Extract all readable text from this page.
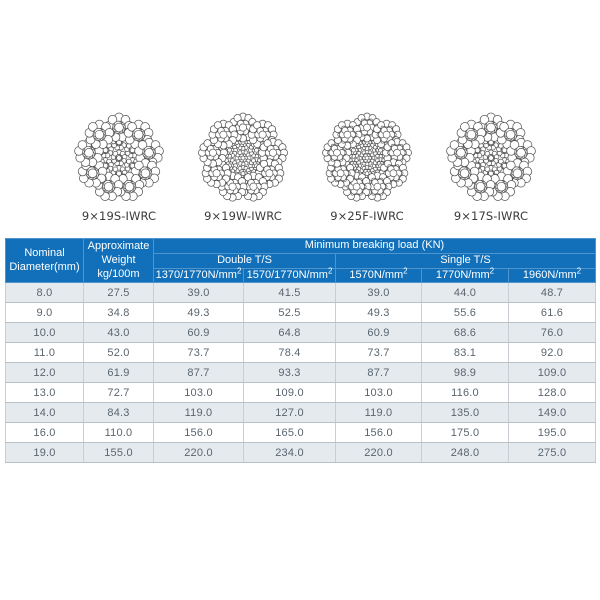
9×19S-IWRC	9×19W-IWRC	9×25F-IWRC	9×17S-IWRC
Nominal Diameter(mm)	Approximate Weight kg/100m	Minimum breaking load (KN)				
		Double T/S		Single T/S		
		$1370/1770N/mm^2$	$1570/1770N/mm^2$	$1570N/mm^2$	$1770N/mm^2$	$1960N/mm^2$
8.0	27.5	39.0	41.5	39.0	44.0	48.7
9.0	34.8	49.3	52.5	49.3	55.6	61.6
10.0	43.0	60.9	64.8	60.9	68.6	76.0
11.0	52.0	73.7	78.4	73.7	83.1	92.0
12.0	61.9	87.7	93.3	87.7	98.9	109.0
13.0	72.7	103.0	109.0	103.0	116.0	128.0
14.0	84.3	119.0	127.0	119.0	135.0	149.0
16.0	110.0	156.0	165.0	156.0	175.0	195.0
19.0	155.0	220.0	234.0	220.0	248.0	275.0
